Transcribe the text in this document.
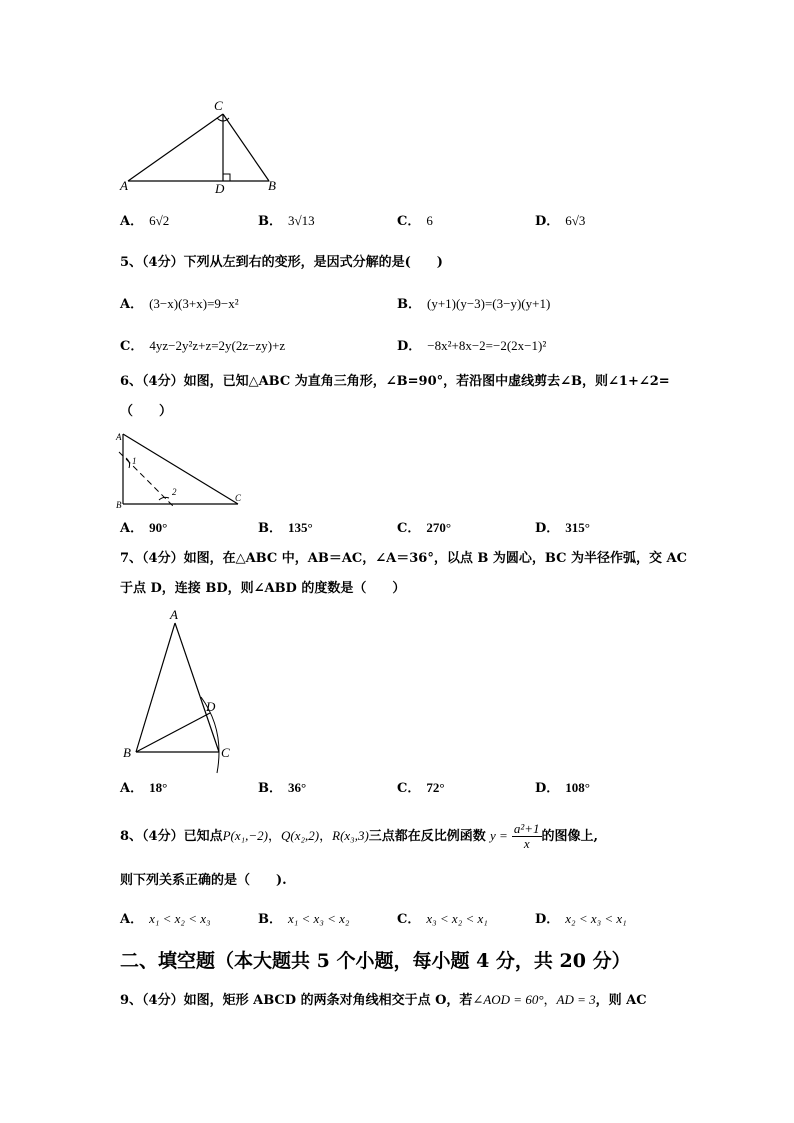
C
A	D	B
A． 6√2	B． 3√13	C． 6	D． 6√3
5、（4分）下列从左到右的变形，是因式分解的是(　　)
A． (3−x)(3+x)=9−x²	B． (y+1)(y−3)=(3−y)(y+1)
C． 4yz−2y²z+z=2y(2z−zy)+z	D． −8x²+8x−2=−2(2x−1)²
6、（4分）如图，已知△ABC 为直角三角形，∠B=90°，若沿图中虚线剪去∠B，则∠1+∠2=
（　　）
A
1
2
B
C
A． 90°	B． 135°	C． 270°	D． 315°
7、（4分）如图，在△ABC 中，AB＝AC，∠A＝36°，以点 B 为圆心，BC 为半径作弧，交 AC
于点 D，连接 BD，则∠ABD 的度数是（　　）
A
D
B	C
A． 18°	B． 36°	C． 72°	D． 108°
8、（4分）已知点P(x₁,−2)，Q(x₂,2)，R(x₃,3)三点都在反比例函数 $y = \frac{\text{a²+1}}{x}$ 的图像上,
则下列关系正确的是（　　).
A． x₁ < x₂ < x₃	B． x₁ < x₃ < x₂	C． x₃ < x₂ < x₁	D． x₂ < x₃ < x₁
二、填空题（本大题共 5 个小题，每小题 4 分，共 20 分）
9、（4分）如图，矩形 ABCD 的两条对角线相交于点 O，若∠AOD = 60°，AD = 3，则 AC
